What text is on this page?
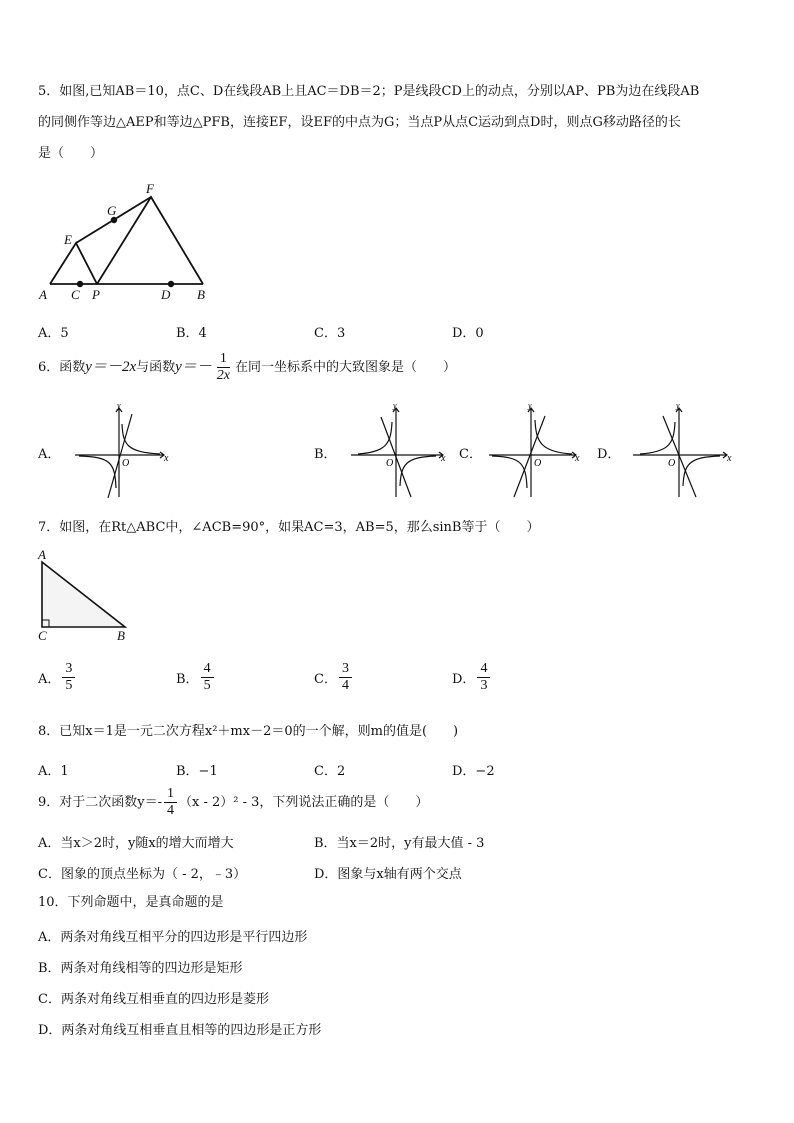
5．如图,已知AB＝10，点C、D在线段AB上且AC＝DB＝2；P是线段CD上的动点，分别以AP、PB为边在线段AB
的同侧作等边△AEP和等边△PFB，连接EF，设EF的中点为G；当点P从点C运动到点D时，则点G移动路径的长
是（　　）
A C P	D B
E
G
F
A．5	B．4	C．3	D．0
6．函数y＝－2x与函数$y=- \frac{1}{2x}$ 在同一坐标系中的大致图象是（　　）
A．	B．	C．	D．
O	x
y
O	x
y
O	x
y
O	x
y
7．如图，在Rt△ABC中，∠ACB=90°，如果AC=3，AB=5，那么sinB等于（　　）
A
C	B
A． $\frac{3}{5}$	B． $\frac{4}{5}$	C． $\frac{3}{4}$	D． $\frac{4}{3}$
8．已知x＝1是一元二次方程x²＋mx－2＝0的一个解，则m的值是(　　)
A．1	B．−1	C．2	D．−2
9．对于二次函数$y=- \frac{1}{4} (x - 2)^2 - 3$，下列说法正确的是（　　）
A．当x＞2时，y随x的增大而增大	B．当x＝2时，y有最大值 - 3
C．图象的顶点坐标为（ - 2，﹣3）	D．图象与x轴有两个交点
10．下列命题中，是真命题的是
A．两条对角线互相平分的四边形是平行四边形
B．两条对角线相等的四边形是矩形
C．两条对角线互相垂直的四边形是菱形
D．两条对角线互相垂直且相等的四边形是正方形
